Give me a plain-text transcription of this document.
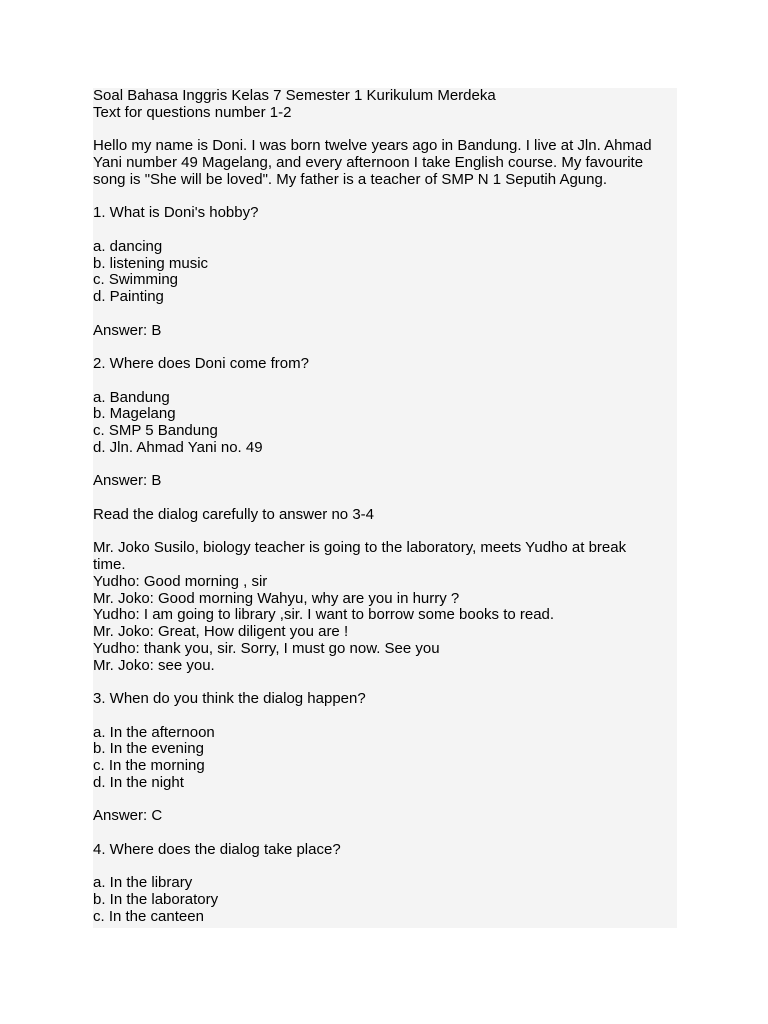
Soal Bahasa Inggris Kelas 7 Semester 1 Kurikulum Merdeka
Text for questions number 1-2
Hello my name is Doni. I was born twelve years ago in Bandung. I live at Jln. Ahmad
Yani number 49 Magelang, and every afternoon I take English course. My favourite
song is "She will be loved". My father is a teacher of SMP N 1 Seputih Agung.
1. What is Doni's hobby?
a. dancing
b. listening music
c. Swimming
d. Painting
Answer: B
2. Where does Doni come from?
a. Bandung
b. Magelang
c. SMP 5 Bandung
d. Jln. Ahmad Yani no. 49
Answer: B
Read the dialog carefully to answer no 3-4
Mr. Joko Susilo, biology teacher is going to the laboratory, meets Yudho at break
time.
Yudho: Good morning , sir
Mr. Joko: Good morning Wahyu, why are you in hurry ?
Yudho: I am going to library ,sir. I want to borrow some books to read.
Mr. Joko: Great, How diligent you are !
Yudho: thank you, sir. Sorry, I must go now. See you
Mr. Joko: see you.
3. When do you think the dialog happen?
a. In the afternoon
b. In the evening
c. In the morning
d. In the night
Answer: C
4. Where does the dialog take place?
a. In the library
b. In the laboratory
c. In the canteen
